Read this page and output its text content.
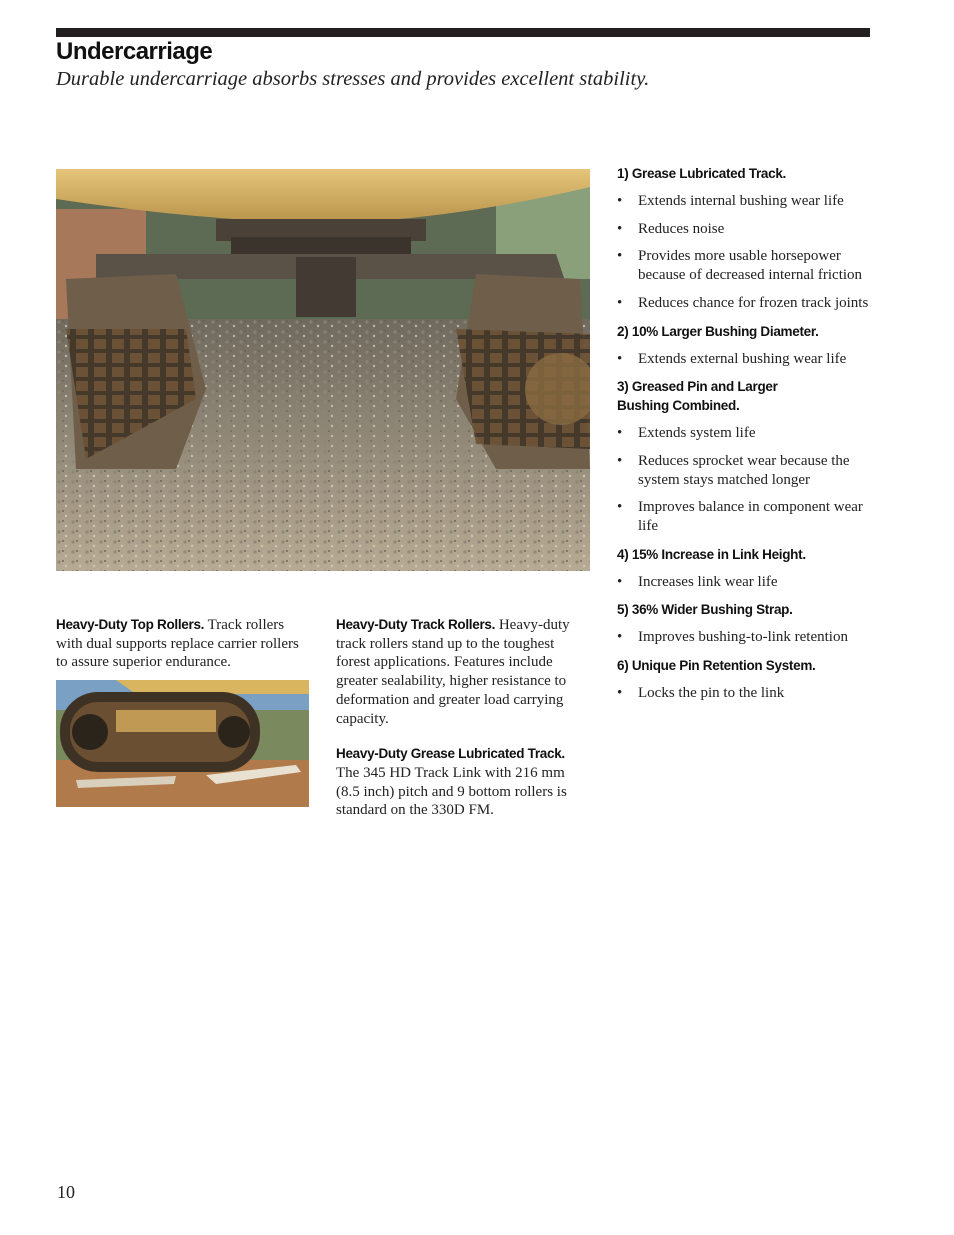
Undercarriage

Durable undercarriage absorbs stresses and provides excellent stability.

Heavy-Duty Top Rollers. Track rollers with dual supports replace carrier rollers to assure superior endurance.

Heavy-Duty Track Rollers. Heavy-duty track rollers stand up to the toughest forest applications. Features include greater sealability, higher resistance to deformation and greater load carrying capacity.

Heavy-Duty Grease Lubricated Track. The 345 HD Track Link with 216 mm (8.5 inch) pitch and 9 bottom rollers is standard on the 330D FM.

1) Grease Lubricated Track.
• Extends internal bushing wear life
• Reduces noise
• Provides more usable horsepower because of decreased internal friction
• Reduces chance for frozen track joints
2) 10% Larger Bushing Diameter.
• Extends external bushing wear life
3) Greased Pin and Larger Bushing Combined.
• Extends system life
• Reduces sprocket wear because the system stays matched longer
• Improves balance in component wear life
4) 15% Increase in Link Height.
• Increases link wear life
5) 36% Wider Bushing Strap.
• Improves bushing-to-link retention
6) Unique Pin Retention System.
• Locks the pin to the link
10
